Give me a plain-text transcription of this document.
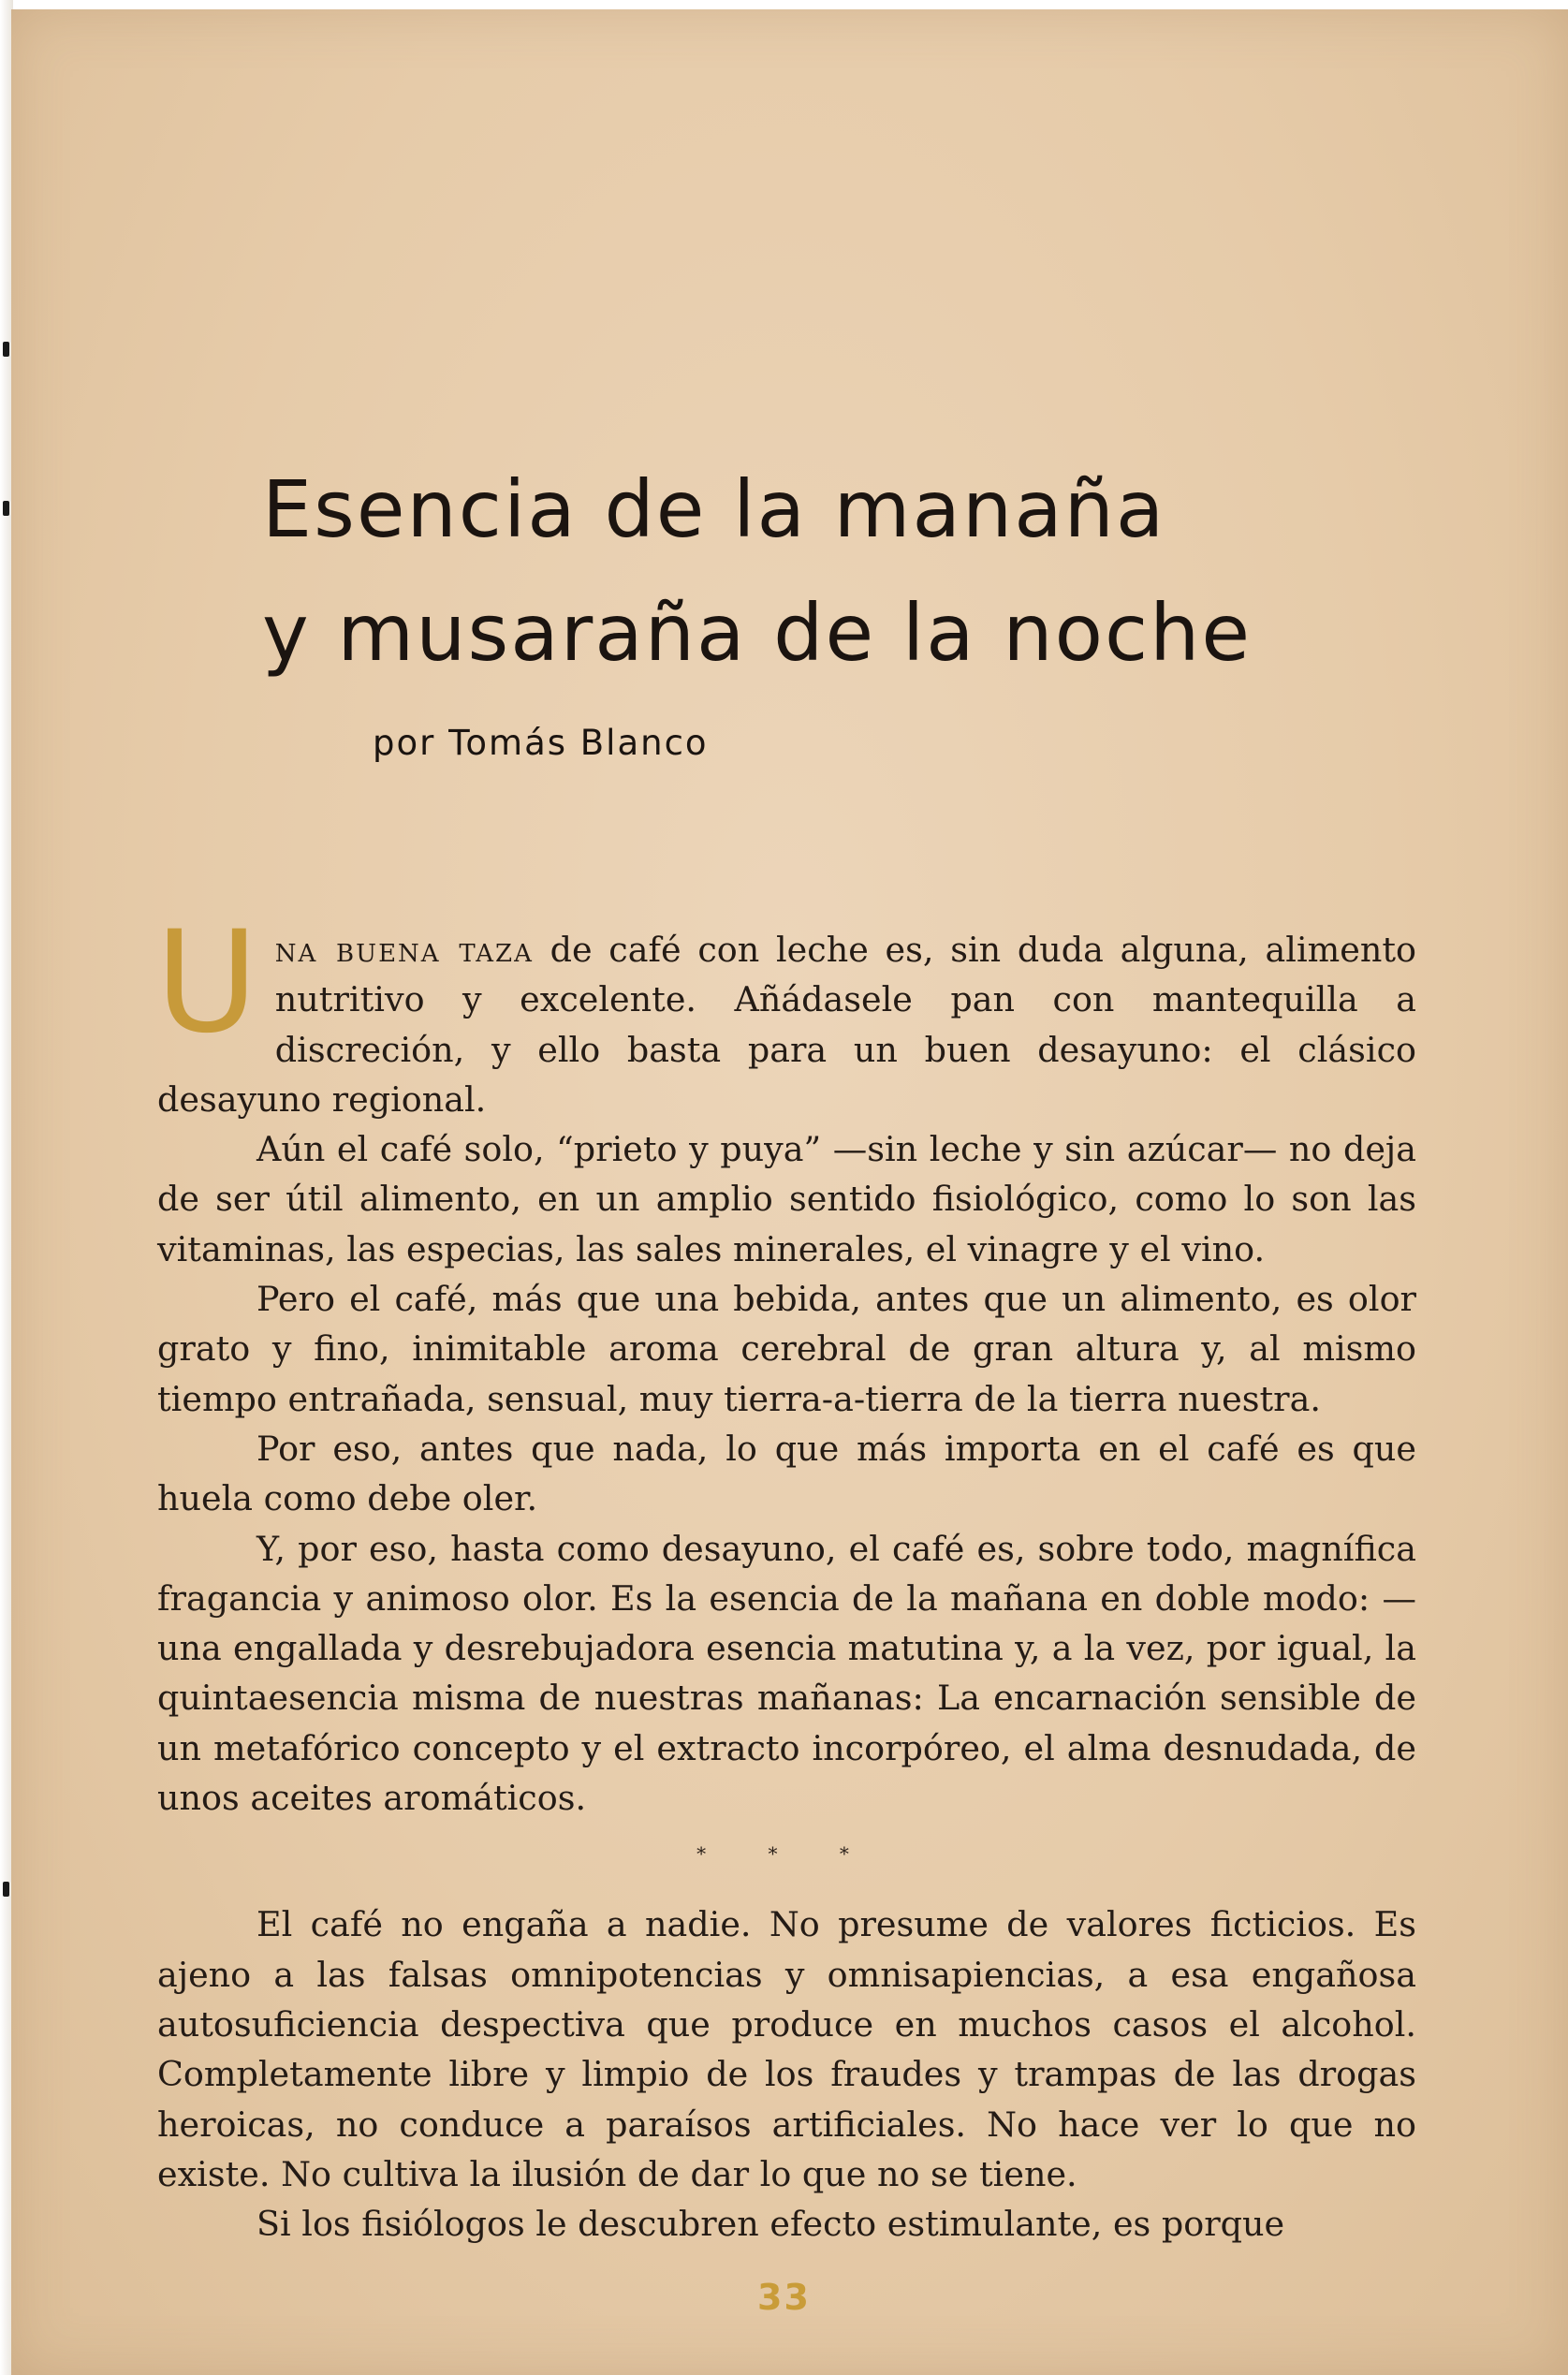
Esencia de la manaña
y musaraña de la noche

por Tomás Blanco

Una buena taza de café con leche es, sin duda alguna, alimento nutritivo y excelente. Añádasele pan con mantequilla a discreción, y ello basta para un buen desayuno: el clásico desayuno regional.

Aún el café solo, “prieto y puya” —sin leche y sin azúcar— no deja de ser útil alimento, en un amplio sentido fisiológico, como lo son las vitaminas, las especias, las sales minerales, el vinagre y el vino.

Pero el café, más que una bebida, antes que un alimento, es olor grato y fino, inimitable aroma cerebral de gran altura y, al mismo tiempo entrañada, sensual, muy tierra-a-tierra de la tierra nuestra.

Por eso, antes que nada, lo que más importa en el café es que huela como debe oler.

Y, por eso, hasta como desayuno, el café es, sobre todo, magnífica fragancia y animoso olor. Es la esencia de la mañana en doble modo: —una engallada y desrebujadora esencia matutina y, a la vez, por igual, la quintaesencia misma de nuestras mañanas: La encarnación sensible de un metafórico concepto y el extracto incorpóreo, el alma desnudada, de unos aceites aromáticos.

* * *

El café no engaña a nadie. No presume de valores ficticios. Es ajeno a las falsas omnipotencias y omnisapiencias, a esa engañosa autosuficiencia despectiva que produce en muchos casos el alcohol. Completamente libre y limpio de los fraudes y trampas de las drogas heroicas, no conduce a paraísos artificiales. No hace ver lo que no existe. No cultiva la ilusión de dar lo que no se tiene.

Si los fisiólogos le descubren efecto estimulante, es porque

33
